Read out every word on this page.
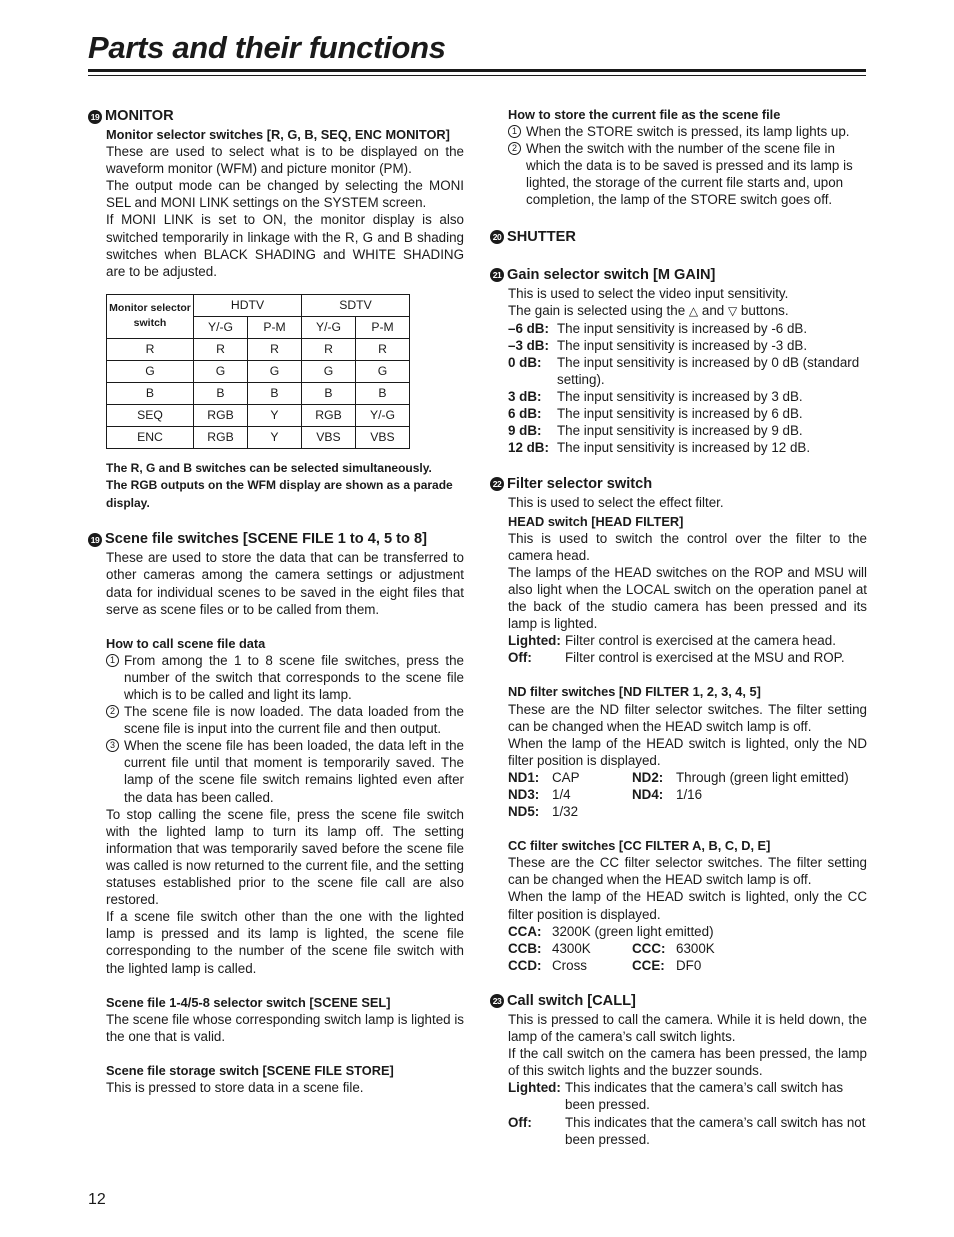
Parts and their functions
19 MONITOR

Monitor selector switches [R, G, B, SEQ, ENC MONITOR]

These are used to select what is to be displayed on the waveform monitor (WFM) and picture monitor (PM).

The output mode can be changed by selecting the MONI SEL and MONI LINK settings on the SYSTEM screen.

If MONI LINK is set to ON, the monitor display is also switched temporarily in linkage with the R, G and B shading switches when BLACK SHADING and WHITE SHADING are to be adjusted.

Monitor selector switch	HDTV		SDTV	
	Y/-G	P-M	Y/-G	P-M
R	R	R	R	R
G	G	G	G	G
B	B	B	B	B
SEQ	RGB	Y	RGB	Y/-G
ENC	RGB	Y	VBS	VBS

The R, G and B switches can be selected simultaneously.

The RGB outputs on the WFM display are shown as a parade display.

19 Scene file switches [SCENE FILE 1 to 4, 5 to 8]

These are used to store the data that can be transferred to other cameras among the camera settings or adjustment data for individual scenes to be saved in the eight files that serve as scene files or to be called from them.

How to call scene file data

1 From among the 1 to 8 scene file switches, press the number of the switch that corresponds to the scene file which is to be called and light its lamp.
2 The scene file is now loaded. The data loaded from the scene file is input into the current file and then output.
3 When the scene file has been loaded, the data left in the current file until that moment is temporarily saved. The lamp of the scene file switch remains lighted even after the data has been called.

To stop calling the scene file, press the scene file switch with the lighted lamp to turn its lamp off. The setting information that was temporarily saved before the scene file was called is now returned to the current file, and the setting statuses established prior to the scene file call are also restored.

If a scene file switch other than the one with the lighted lamp is pressed and its lamp is lighted, the scene file corresponding to the number of the scene file switch with the lighted lamp is called.

Scene file 1-4/5-8 selector switch [SCENE SEL]

The scene file whose corresponding switch lamp is lighted is the one that is valid.

Scene file storage switch [SCENE FILE STORE]

This is pressed to store data in a scene file.

How to store the current file as the scene file

1 When the STORE switch is pressed, its lamp lights up.
2 When the switch with the number of the scene file in which the data is to be saved is pressed and its lamp is lighted, the storage of the current file starts and, upon completion, the lamp of the STORE switch goes off.
20 SHUTTER
21 Gain selector switch [M GAIN]

This is used to select the video input sensitivity.

The gain is selected using the △ and ▽ buttons.

–6 dB: The input sensitivity is increased by -6 dB.
–3 dB: The input sensitivity is increased by -3 dB.
0 dB:	The input sensitivity is increased by 0 dB (standard setting).
3 dB:	The input sensitivity is increased by 3 dB.
6 dB:	The input sensitivity is increased by 6 dB.
9 dB:	The input sensitivity is increased by 9 dB.
12 dB: The input sensitivity is increased by 12 dB.
22 Filter selector switch

This is used to select the effect filter.

HEAD switch [HEAD FILTER]

This is used to switch the control over the filter to the camera head.

The lamps of the HEAD switches on the ROP and MSU will also light when the LOCAL switch on the operation panel at the back of the studio camera has been pressed and its lamp is lighted.

Lighted: Filter control is exercised at the camera head.
Off:	Filter control is exercised at the MSU and ROP.

ND filter switches [ND FILTER 1, 2, 3, 4, 5]

These are the ND filter selector switches. The filter setting can be changed when the HEAD switch lamp is off.

When the lamp of the HEAD switch is lighted, only the ND filter position is displayed.

ND1: CAP	ND2: Through (green light emitted)
ND3: 1/4	ND4: 1/16
ND5: 1/32

CC filter switches [CC FILTER A, B, C, D, E]

These are the CC filter selector switches. The filter setting can be changed when the HEAD switch lamp is off.

When the lamp of the HEAD switch is lighted, only the CC filter position is displayed.

CCA: 3200K (green light emitted)
CCB: 4300K	CCC: 6300K
CCD: Cross	CCE: DF0
23 Call switch [CALL]

This is pressed to call the camera. While it is held down, the lamp of the camera’s call switch lights.

If the call switch on the camera has been pressed, the lamp of this switch lights and the buzzer sounds.

Lighted: This indicates that the camera’s call switch has been pressed.
Off:	This indicates that the camera’s call switch has not been pressed.
12
